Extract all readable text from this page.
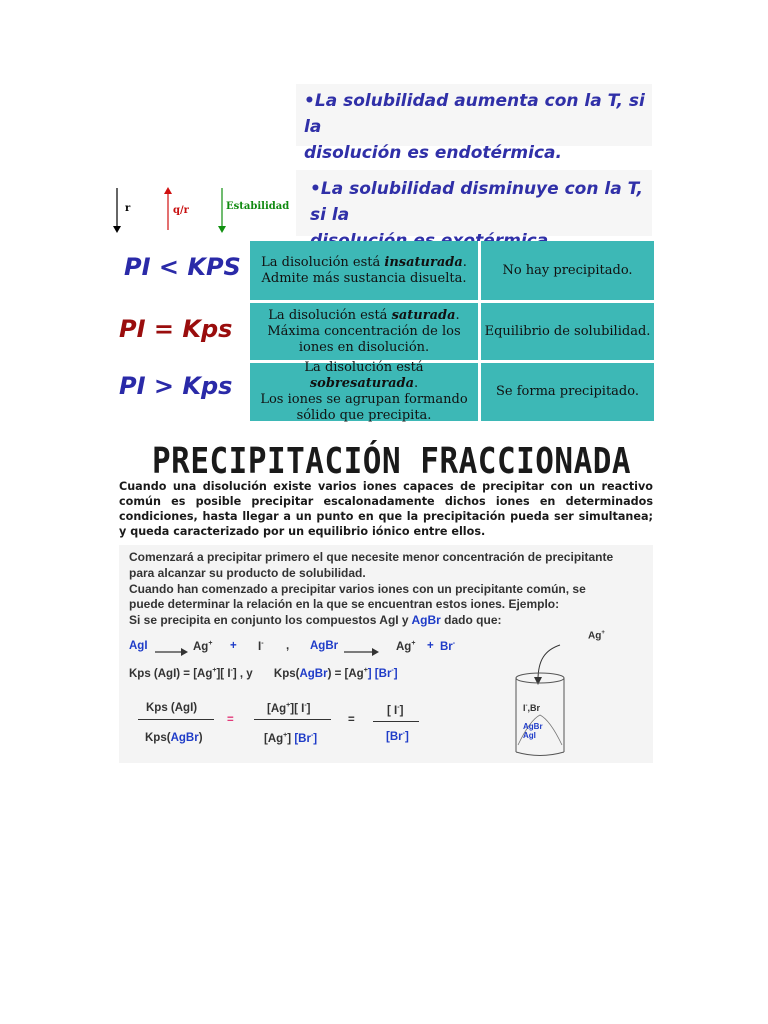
•La solubilidad aumenta con la T, si la
disolución es endotérmica.
•La solubilidad disminuye con la T, si la

r	q/r	Estabilidad
PI < KPS
PI = Kps
PI > Kps
La disolución está insaturada.
Admite más sustancia disuelta.
No hay precipitado.
La disolución está saturada.
Máxima concentración de los iones en disolución.
Equilibrio de solubilidad.
La disolución está sobresaturada.
Los iones se agrupan formando sólido que precipita.
Se forma precipitado.
PRECIPITACIÓN FRACCIONADA
Cuando una disolución existe varios iones capaces de precipitar con un reactivo común es posible precipitar escalonadamente dichos iones en determinados condiciones, hasta llegar a un punto en que la precipitación pueda ser simultanea; y queda caracterizado por un equilibrio iónico entre ellos.
Comenzará a precipitar primero el que necesite menor concentración de precipitante
para alcanzar su producto de solubilidad.
Cuando han comenzado a precipitar varios iones con un precipitante común, se
puede determinar la relación en la que se encuentran estos iones. Ejemplo:
Si se precipita en conjunto los compuestos AgI y AgBr dado que:
AgI → Ag+ + I- , AgBr → Ag+ + Br-
Kps (AgI) = [Ag+][ I-] , y Kps(AgBr) = [Ag+] [Br-]
Kps (AgI)
Kps(AgBr)
=
[Ag+][ I-]
[Ag+] [Br-]
=
[ I-]
[Br-]
Ag+
I-,Br
AgBr
AgI
